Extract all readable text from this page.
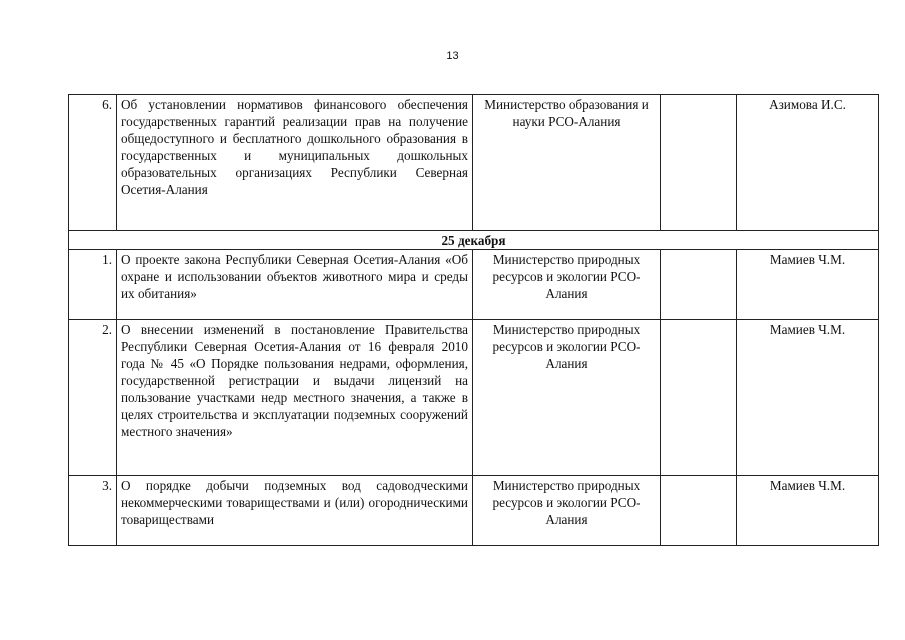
13
6.	Об установлении нормативов финансового обеспечения государственных гарантий реализации прав на получение общедоступного и бесплатного дошкольного образования в государственных и муниципальных дошкольных образовательных организациях Республики Северная Осетия-Алания	Министерство образования и науки РСО-Алания		Азимова И.С.
25 декабря				
1.	О проекте закона Республики Северная Осетия-Алания «Об охране и использовании объектов животного мира и среды их обитания»	Министерство природных ресурсов и экологии РСО-Алания		Мамиев Ч.М.
2.	О внесении изменений в постановление Правительства Республики Северная Осетия-Алания от 16 февраля 2010 года № 45 «О Порядке пользования недрами, оформления, государственной регистрации и выдачи лицензий на пользование участками недр местного значения, а также в целях строительства и эксплуатации подземных сооружений местного значения»	Министерство природных ресурсов и экологии РСО-Алания		Мамиев Ч.М.
3.	О порядке добычи подземных вод садоводческими некоммерческими товариществами и (или) огородническими товариществами	Министерство природных ресурсов и экологии РСО-Алания		Мамиев Ч.М.
